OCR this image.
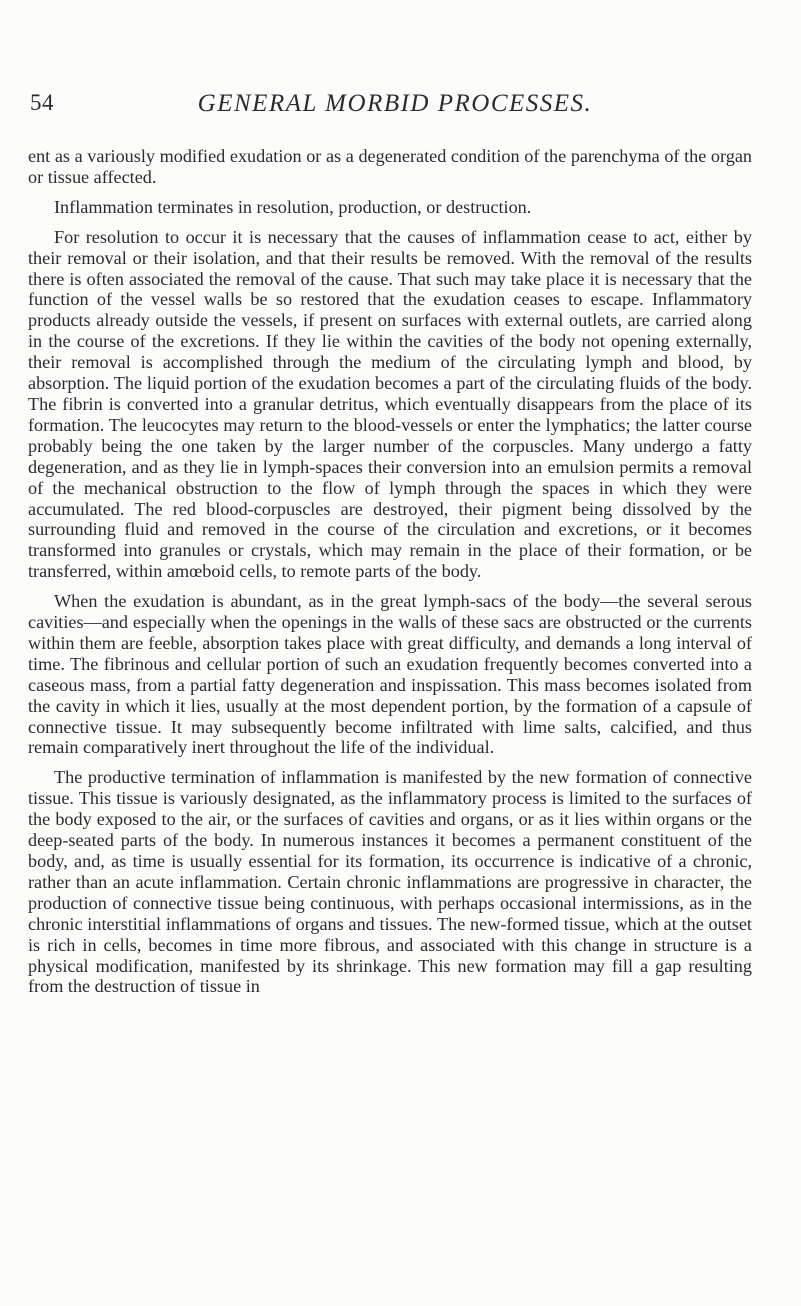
54	GENERAL MORBID PROCESSES.

ent as a variously modified exudation or as a degenerated condition of the parenchyma of the organ or tissue affected.

Inflammation terminates in resolution, production, or destruction.

For resolution to occur it is necessary that the causes of inflammation cease to act, either by their removal or their isolation, and that their results be removed. With the removal of the results there is often associated the removal of the cause. That such may take place it is necessary that the function of the vessel walls be so restored that the exudation ceases to escape. Inflammatory products already outside the vessels, if present on surfaces with external outlets, are carried along in the course of the excretions. If they lie within the cavities of the body not opening externally, their removal is accomplished through the medium of the circulating lymph and blood, by absorption. The liquid portion of the exudation becomes a part of the circulating fluids of the body. The fibrin is converted into a granular detritus, which eventually disappears from the place of its formation. The leucocytes may return to the blood-vessels or enter the lymphatics; the latter course probably being the one taken by the larger number of the corpuscles. Many undergo a fatty degeneration, and as they lie in lymph-spaces their conversion into an emulsion permits a removal of the mechanical obstruction to the flow of lymph through the spaces in which they were accumulated. The red blood-corpuscles are destroyed, their pigment being dissolved by the surrounding fluid and removed in the course of the circulation and excretions, or it becomes transformed into granules or crystals, which may remain in the place of their formation, or be transferred, within amœboid cells, to remote parts of the body.

When the exudation is abundant, as in the great lymph-sacs of the body—the several serous cavities—and especially when the openings in the walls of these sacs are obstructed or the currents within them are feeble, absorption takes place with great difficulty, and demands a long interval of time. The fibrinous and cellular portion of such an exudation frequently becomes converted into a caseous mass, from a partial fatty degeneration and inspissation. This mass becomes isolated from the cavity in which it lies, usually at the most dependent portion, by the formation of a capsule of connective tissue. It may subsequently become infiltrated with lime salts, calcified, and thus remain comparatively inert throughout the life of the individual.

The productive termination of inflammation is manifested by the new formation of connective tissue. This tissue is variously designated, as the inflammatory process is limited to the surfaces of the body exposed to the air, or the surfaces of cavities and organs, or as it lies within organs or the deep-seated parts of the body. In numerous instances it becomes a permanent constituent of the body, and, as time is usually essential for its formation, its occurrence is indicative of a chronic, rather than an acute inflammation. Certain chronic inflammations are progressive in character, the production of connective tissue being continuous, with perhaps occasional intermissions, as in the chronic interstitial inflammations of organs and tissues. The new-formed tissue, which at the outset is rich in cells, becomes in time more fibrous, and associated with this change in structure is a physical modification, manifested by its shrinkage. This new formation may fill a gap resulting from the destruction of tissue in
